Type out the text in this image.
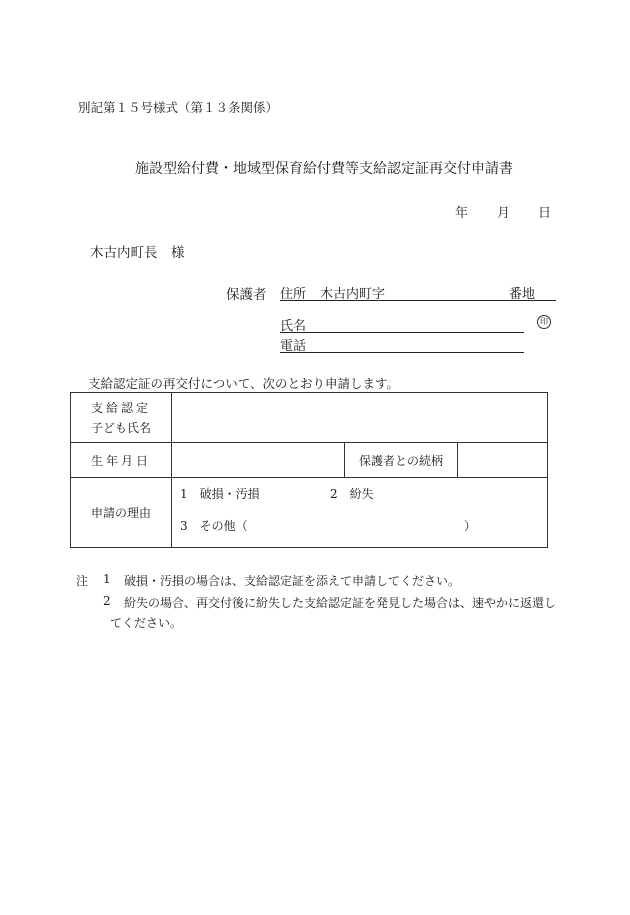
別記第１５号様式（第１３条関係）
施設型給付費・地域型保育給付費等支給認定証再交付申請書
年 月 日
木古内町長　様
保護者 住所 木古内町字	番地
氏名	印
電話
支給認定証の再交付について、次のとおり申請します。
支給認定
子ども氏名			

生年月日		保護者との続柄	
申請の理由	1　破損・汚損 2　紛失
3　その他（ ）		
注 1 破損・汚損の場合は、支給認定証を添えて申請してください。
2 紛失の場合、再交付後に紛失した支給認定証を発見した場合は、速やかに返還し
てください。
